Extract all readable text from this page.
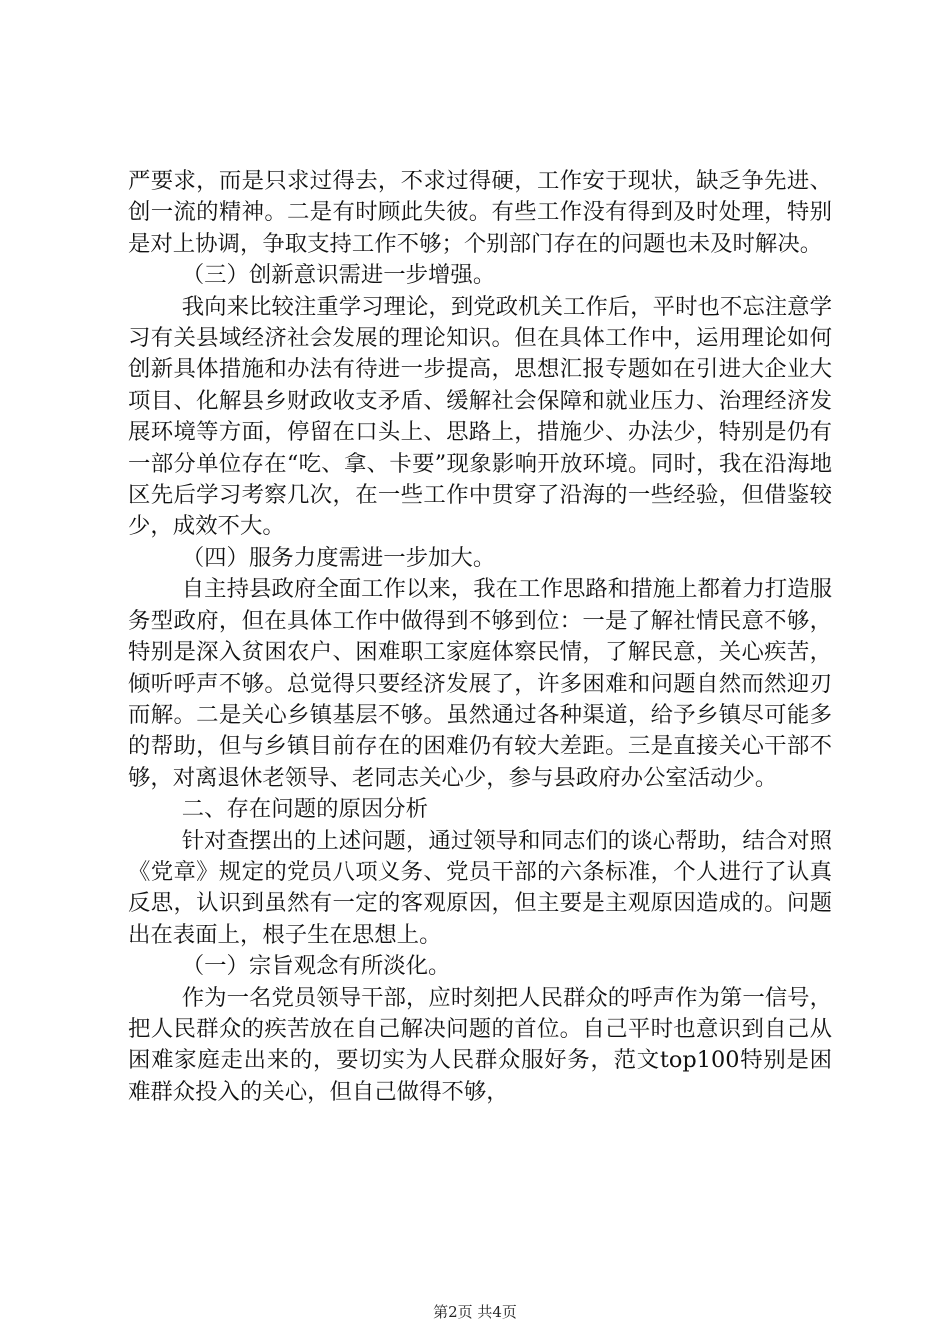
严要求，而是只求过得去，不求过得硬，工作安于现状，缺乏争先进、创一流的精神。二是有时顾此失彼。有些工作没有得到及时处理，特别是对上协调，争取支持工作不够；个别部门存在的问题也未及时解决。

（三）创新意识需进一步增强。

我向来比较注重学习理论，到党政机关工作后，平时也不忘注意学习有关县域经济社会发展的理论知识。但在具体工作中，运用理论如何创新具体措施和办法有待进一步提高，思想汇报专题如在引进大企业大项目、化解县乡财政收支矛盾、缓解社会保障和就业压力、治理经济发展环境等方面，停留在口头上、思路上，措施少、办法少，特别是仍有一部分单位存在“吃、拿、卡要”现象影响开放环境。同时，我在沿海地区先后学习考察几次，在一些工作中贯穿了沿海的一些经验，但借鉴较少，成效不大。

（四）服务力度需进一步加大。

自主持县政府全面工作以来，我在工作思路和措施上都着力打造服务型政府，但在具体工作中做得到不够到位：一是了解社情民意不够，特别是深入贫困农户、困难职工家庭体察民情，了解民意，关心疾苦，倾听呼声不够。总觉得只要经济发展了，许多困难和问题自然而然迎刃而解。二是关心乡镇基层不够。虽然通过各种渠道，给予乡镇尽可能多的帮助，但与乡镇目前存在的困难仍有较大差距。三是直接关心干部不够，对离退休老领导、老同志关心少，参与县政府办公室活动少。

二、存在问题的原因分析

针对查摆出的上述问题，通过领导和同志们的谈心帮助，结合对照《党章》规定的党员八项义务、党员干部的六条标准，个人进行了认真反思，认识到虽然有一定的客观原因，但主要是主观原因造成的。问题出在表面上，根子生在思想上。

（一）宗旨观念有所淡化。

作为一名党员领导干部，应时刻把人民群众的呼声作为第一信号，把人民群众的疾苦放在自己解决问题的首位。自己平时也意识到自己从困难家庭走出来的，要切实为人民群众服好务，范文top100特别是困难群众投入的关心，但自己做得不够，

第2页 共4页
